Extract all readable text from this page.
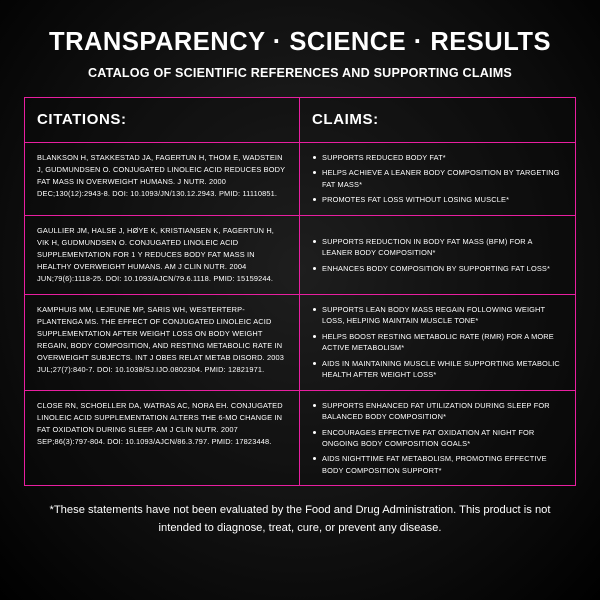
TRANSPARENCY · SCIENCE · RESULTS
CATALOG OF SCIENTIFIC REFERENCES AND SUPPORTING CLAIMS
CITATIONS:	CLAIMS:
BLANKSON H, STAKKESTAD JA, FAGERTUN H, THOM E, WADSTEIN J, GUDMUNDSEN O. CONJUGATED LINOLEIC ACID REDUCES BODY FAT MASS IN OVERWEIGHT HUMANS. J NUTR. 2000 DEC;130(12):2943-8. DOI: 10.1093/JN/130.12.2943. PMID: 11110851.
SUPPORTS REDUCED BODY FAT*
HELPS ACHIEVE A LEANER BODY COMPOSITION BY TARGETING FAT MASS*
PROMOTES FAT LOSS WITHOUT LOSING MUSCLE*
GAULLIER JM, HALSE J, HØYE K, KRISTIANSEN K, FAGERTUN H, VIK H, GUDMUNDSEN O. CONJUGATED LINOLEIC ACID SUPPLEMENTATION FOR 1 Y REDUCES BODY FAT MASS IN HEALTHY OVERWEIGHT HUMANS. AM J CLIN NUTR. 2004 JUN;79(6):1118-25. DOI: 10.1093/AJCN/79.6.1118. PMID: 15159244.
SUPPORTS REDUCTION IN BODY FAT MASS (BFM) FOR A LEANER BODY COMPOSITION*
ENHANCES BODY COMPOSITION BY SUPPORTING FAT LOSS*
KAMPHUIS MM, LEJEUNE MP, SARIS WH, WESTERTERP-PLANTENGA MS. THE EFFECT OF CONJUGATED LINOLEIC ACID SUPPLEMENTATION AFTER WEIGHT LOSS ON BODY WEIGHT REGAIN, BODY COMPOSITION, AND RESTING METABOLIC RATE IN OVERWEIGHT SUBJECTS. INT J OBES RELAT METAB DISORD. 2003 JUL;27(7):840-7. DOI: 10.1038/SJ.IJO.0802304. PMID: 12821971.
SUPPORTS LEAN BODY MASS REGAIN FOLLOWING WEIGHT LOSS, HELPING MAINTAIN MUSCLE TONE*
HELPS BOOST RESTING METABOLIC RATE (RMR) FOR A MORE ACTIVE METABOLISM*
AIDS IN MAINTAINING MUSCLE WHILE SUPPORTING METABOLIC HEALTH AFTER WEIGHT LOSS*
CLOSE RN, SCHOELLER DA, WATRAS AC, NORA EH. CONJUGATED LINOLEIC ACID SUPPLEMENTATION ALTERS THE 6-MO CHANGE IN FAT OXIDATION DURING SLEEP. AM J CLIN NUTR. 2007 SEP;86(3):797-804. DOI: 10.1093/AJCN/86.3.797. PMID: 17823448.
SUPPORTS ENHANCED FAT UTILIZATION DURING SLEEP FOR BALANCED BODY COMPOSITION*
ENCOURAGES EFFECTIVE FAT OXIDATION AT NIGHT FOR ONGOING BODY COMPOSITION GOALS*
AIDS NIGHTTIME FAT METABOLISM, PROMOTING EFFECTIVE BODY COMPOSITION SUPPORT*
*These statements have not been evaluated by the Food and Drug Administration. This product is not intended to diagnose, treat, cure, or prevent any disease.
